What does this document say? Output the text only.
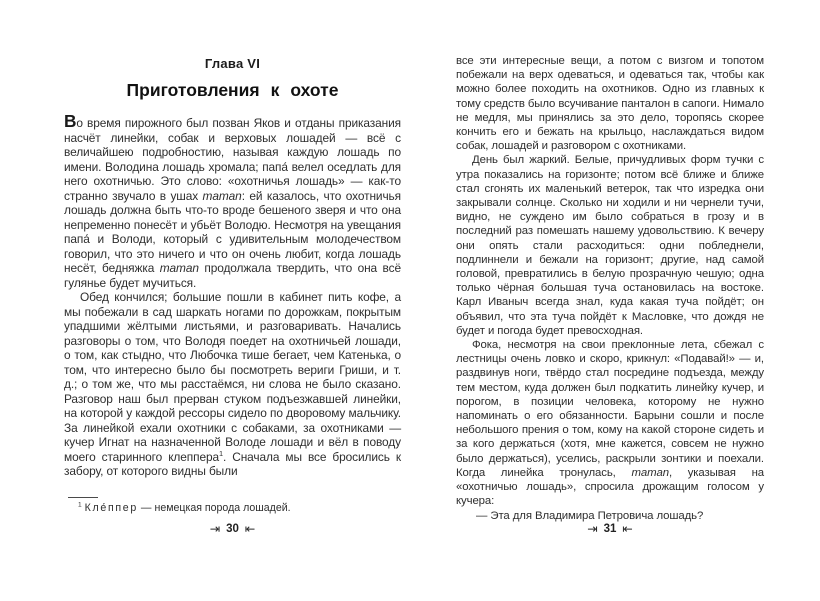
Глава VI
Приготовления к охоте

Во время пирожного был позван Яков и отданы приказания насчёт линейки, собак и верховых лошадей — всё с величайшею подробностию, называя каждую лошадь по имени. Володина лошадь хромала; папа́ велел оседлать для него охотничью. Это слово: «охотничья лошадь» — как-то странно звучало в ушах maman: ей казалось, что охотничья лошадь должна быть что-то вроде бешеного зверя и что она непременно понесёт и убьёт Володю. Несмотря на увещания папа́ и Володи, который с удивительным молодечеством говорил, что это ничего и что он очень любит, когда лошадь несёт, бедняжка maman продолжала твердить, что она всё гулянье будет мучиться.

Обед кончился; большие пошли в кабинет пить кофе, а мы побежали в сад шаркать ногами по дорожкам, покрытым упадшими жёлтыми листьями, и разговаривать. Начались разговоры о том, что Володя поедет на охотничьей лошади, о том, как стыдно, что Любочка тише бегает, чем Катенька, о том, что интересно было бы посмотреть вериги Гриши, и т. д.; о том же, что мы расстаёмся, ни слова не было сказано. Разговор наш был прерван стуком подъезжавшей линейки, на которой у каждой рессоры сидело по дворовому мальчику. За линейкой ехали охотники с собаками, за охотниками — кучер Игнат на назначенной Володе лошади и вёл в поводу моего старинного клеппера$^1$. Сначала мы все бросились к забору, от которого видны были

$^1$ Кле́ппер — немецкая порода лошадей.

⇥ 30 ⇤

все эти интересные вещи, а потом с визгом и топотом побежали на верх одеваться, и одеваться так, чтобы как можно более походить на охотников. Одно из главных к тому средств было всучивание панталон в сапоги. Нимало не медля, мы принялись за это дело, торопясь скорее кончить его и бежать на крыльцо, наслаждаться видом собак, лошадей и разговором с охотниками.

День был жаркий. Белые, причудливых форм тучки с утра показались на горизонте; потом всё ближе и ближе стал сгонять их маленький ветерок, так что изредка они закрывали солнце. Сколько ни ходили и ни чернели тучи, видно, не суждено им было собраться в грозу и в последний раз помешать нашему удовольствию. К вечеру они опять стали расходиться: одни побледнели, подлиннели и бежали на горизонт; другие, над самой головой, превратились в белую прозрачную чешую; одна только чёрная большая туча остановилась на востоке. Карл Иваныч всегда знал, куда какая туча пойдёт; он объявил, что эта туча пойдёт к Масловке, что дождя не будет и погода будет превосходная.

Фока, несмотря на свои преклонные лета, сбежал с лестницы очень ловко и скоро, крикнул: «Подавай!» — и, раздвинув ноги, твёрдо стал посредине подъезда, между тем местом, куда должен был подкатить линейку кучер, и порогом, в позиции человека, которому не нужно напоминать о его обязанности. Барыни сошли и после небольшого прения о том, кому на какой стороне сидеть и за кого держаться (хотя, мне кажется, совсем не нужно было держаться), уселись, раскрыли зонтики и поехали. Когда линейка тронулась, maman, указывая на «охотничью лошадь», спросила дрожащим голосом у кучера:

— Эта для Владимира Петровича лошадь?

⇥ 31 ⇤
